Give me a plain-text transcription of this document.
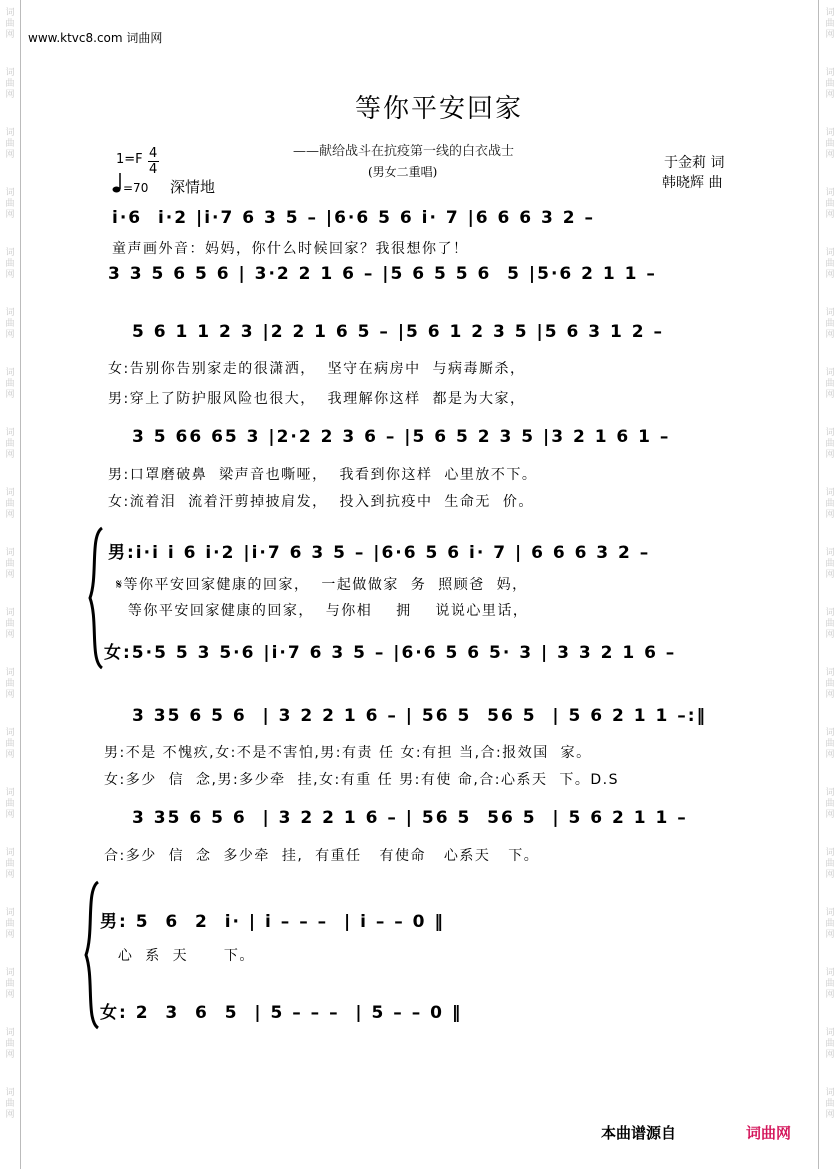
词
曲
网
词
曲
网
词
曲
网
词
曲
网
词
曲
网
词
曲
网
词
曲
网
词
曲
网
词
曲
网
词
曲
网
词
曲
网
词
曲
网
词
曲
网
词
曲
网
词
曲
网
词
曲
网
词
曲
网
词
曲
网
词
曲
网
词
曲
网
词
曲
网
词
曲
网
词
曲
网
词
曲
网
词
曲
网
词
曲
网
词
曲
网
词
曲
网
词
曲
网
词
曲
网
词
曲
网
词
曲
网
词
曲
网
词
曲
网
词
曲
网
词
曲
网
词
曲
网
词
曲
网
www.ktvc8.com 词曲网
等你平安回家
——献给战斗在抗疫第一线的白衣战士
(男女二重唱)
于金莉 词
韩晓辉 曲
1=F 4
4
=70 深情地
i·6  i·2 |i·7 6 3 5 – |6·6 5 6 i· 7 |6 6 6 3 2 –
童声画外音：妈妈，你什么时候回家？我很想你了！
3 3 5 6 5 6 | 3·2 2 1 6 – |5 6 5 5 6  5 |5·6 2 1 1 –
5 6 1 1 2 3 |2 2 1 6 5 – |5 6 1 2 3 5 |5 6 3 1 2 –
女:告别你告别家走的很潇洒，  坚守在病房中  与病毒厮杀，
男:穿上了防护服风险也很大，  我理解你这样  都是为大家，
3 5 66 65 3 |2·2 2 3 6 – |5 6 5 2 3 5 |3 2 1 6 1 –
男:口罩磨破鼻  梁声音也嘶哑，  我看到你这样  心里放不下。
女:流着泪  流着汗剪掉披肩发，  投入到抗疫中  生命无  价。
男:i·i i 6 i·2 |i·7 6 3 5 – |6·6 5 6 i· 7 | 6 6 6 3 2 –
𝄋等你平安回家健康的回家，  一起做做家  务  照顾爸  妈，
等你平安回家健康的回家，  与你相    拥    说说心里话，
女:5·5 5 3 5·6 |i·7 6 3 5 – |6·6 5 6 5· 3 | 3 3 2 1 6 –
3 35 6 5 6  | 3 2 2 1 6 – | 56 5  56 5  | 5 6 2 1 1 –:‖
男:不是 不愧疚,女:不是不害怕,男:有责 任 女:有担 当,合:报效国  家。
女:多少  信  念,男:多少牵  挂,女:有重 任 男:有使 命,合:心系天  下。D.S
3 35 6 5 6  | 3 2 2 1 6 – | 56 5  56 5  | 5 6 2 1 1 –
合:多少  信  念  多少牵  挂,  有重任   有使命   心系天   下。
男: 5  6  2  i· | i – – –  | i – – 0 ‖
心  系  天      下。
女: 2  3  6  5  | 5 – – –  | 5 – – 0 ‖
本曲谱源自	词曲网
